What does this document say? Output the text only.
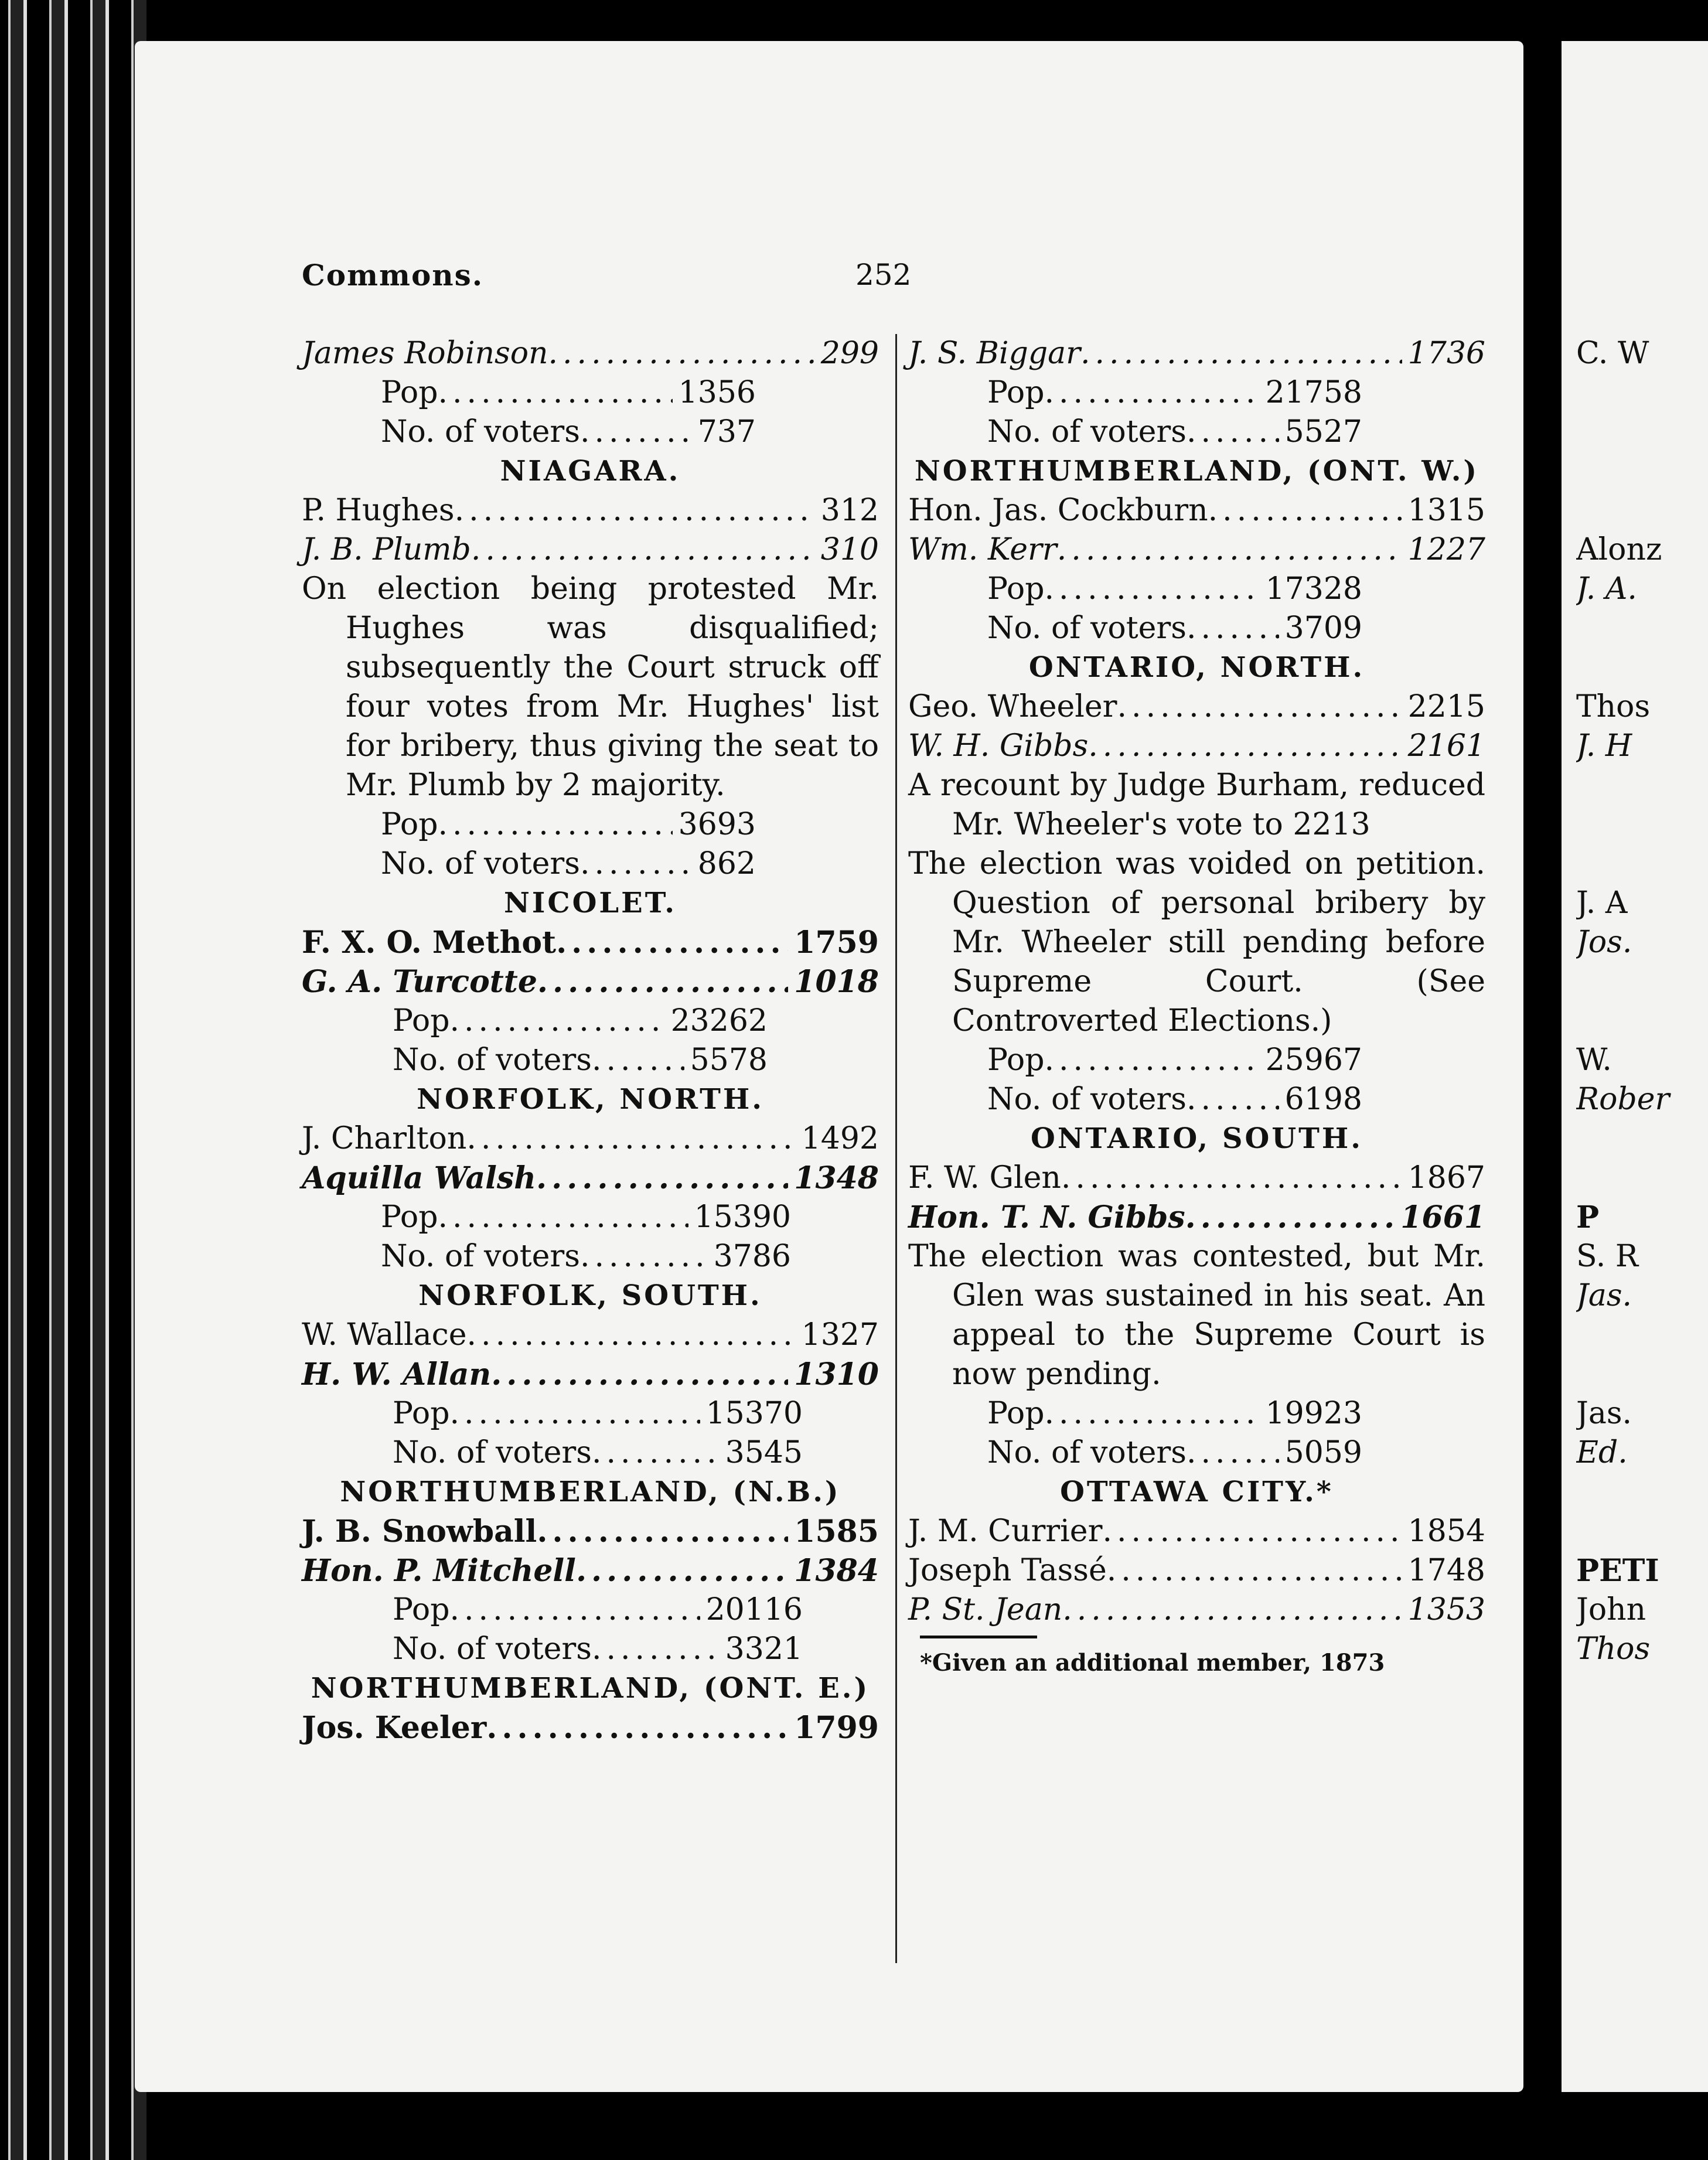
Commons.	252
James Robinson .....	299
Pop .....	1356
No. of voters .....	737
NIAGARA.
P. Hughes .....	312
J. B. Plumb .....	310
On election being protested Mr. Hughes was disqualified; subsequently the Court struck off four votes from Mr. Hughes' list for bribery, thus giving the seat to Mr. Plumb by 2 majority.
Pop .....	3693
No. of voters .....	862
NICOLET.
F. X. O. Methot .....	1759
G. A. Turcotte .....	1018
Pop .....	23262
No. of voters .....	5578
NORFOLK, NORTH.
J. Charlton .....	1492
Aquilla Walsh .....	1348
Pop .....	15390
No. of voters .....	3786
NORFOLK, SOUTH.
W. Wallace .....	1327
H. W. Allan .....	1310
Pop .....	15370
No. of voters .....	3545
NORTHUMBERLAND, (N.B.)
J. B. Snowball .....	1585
Hon. P. Mitchell .....	1384
Pop .....	20116
No. of voters .....	3321
NORTHUMBERLAND, (ONT. E.)
Jos. Keeler .....	1799
J. S. Biggar .....	1736
Pop .....	21758
No. of voters .....	5527
NORTHUMBERLAND, (ONT. W.)
Hon. Jas. Cockburn .....	1315
Wm. Kerr .....	1227
Pop .....	17328
No. of voters .....	3709
ONTARIO, NORTH.
Geo. Wheeler .....	2215
W. H. Gibbs .....	2161
A recount by Judge Burham, reduced Mr. Wheeler's vote to 2213
The election was voided on petition. Question of personal bribery by Mr. Wheeler still pending before Supreme Court. (See Controverted Elections.)
Pop .....	25967
No. of voters .....	6198
ONTARIO, SOUTH.
F. W. Glen .....	1867
Hon. T. N. Gibbs .....	1661
The election was contested, but Mr. Glen was sustained in his seat. An appeal to the Supreme Court is now pending.
Pop .....	19923
No. of voters .....	5059
OTTAWA CITY.*
J. M. Currier .....	1854
Joseph Tassé .....	1748
P. St. Jean .....	1353
*Given an additional member, 1873
C. W
Alonz
J. A.
Thos
J. H
J. A
Jos.
W.
Rober
P
S. R
Jas.
Jas.
Ed.
PETI
John
Thos
